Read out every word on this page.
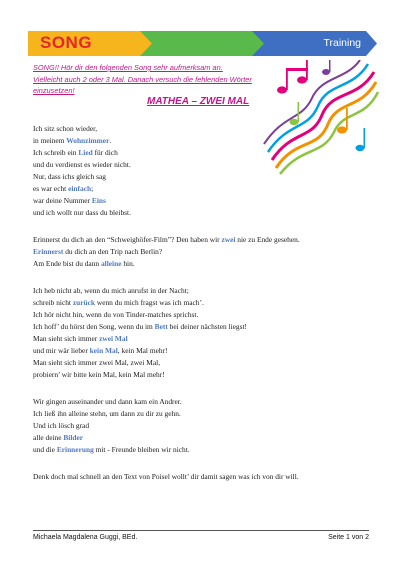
SONG	Training
SONG!! Hör dir den folgenden Song sehr aufmerksam an.
Vielleicht auch 2 oder 3 Mal. Danach versuch die fehlenden Wörter
einzusetzen!
MATHEA – ZWEI MAL
Ich sitz schon wieder,
in meinem Wohnzimmer.
Ich schreib ein Lied für dich
und du verdienst es wieder nicht.
Nur, dass ichs gleich sag
es war echt einfach;
war deine Nummer Eins
und ich wollt nur dass du bleibst.
Erinnerst du dich an den “Schweighöfer-Film”? Den haben wir zwei nie zu Ende gesehen.
Erinnerst du dich an den Trip nach Berlin?
Am Ende bist du dann alleine hin.
Ich heb nicht ab, wenn du mich anrufst in der Nacht;
schreib nicht zurück wenn du mich fragst was ich mach’.
Ich hör nicht hin, wenn du von Tinder-matches sprichst.
Ich hoff’ du hörst den Song, wenn du im Bett bei deiner nächsten liegst!
Man sieht sich immer zwei Mal
und mir wär lieber kein Mal, kein Mal mehr!
Man sieht sich immer zwei Mal, zwei Mal,
probiern’ wir bitte kein Mal, kein Mal mehr!
Wir gingen auseinander und dann kam ein Andrer.
Ich ließ ihn alleine stehn, um dann zu dir zu gehn.
Und ich lösch grad
alle deine Bilder
und die Erinnerung mit - Freunde bleiben wir nicht.
Denk doch mal schnell an den Text von Poisel wollt’ dir damit sagen was ich von dir will.
Michaela Magdalena Guggi, BEd.	Seite 1 von 2
